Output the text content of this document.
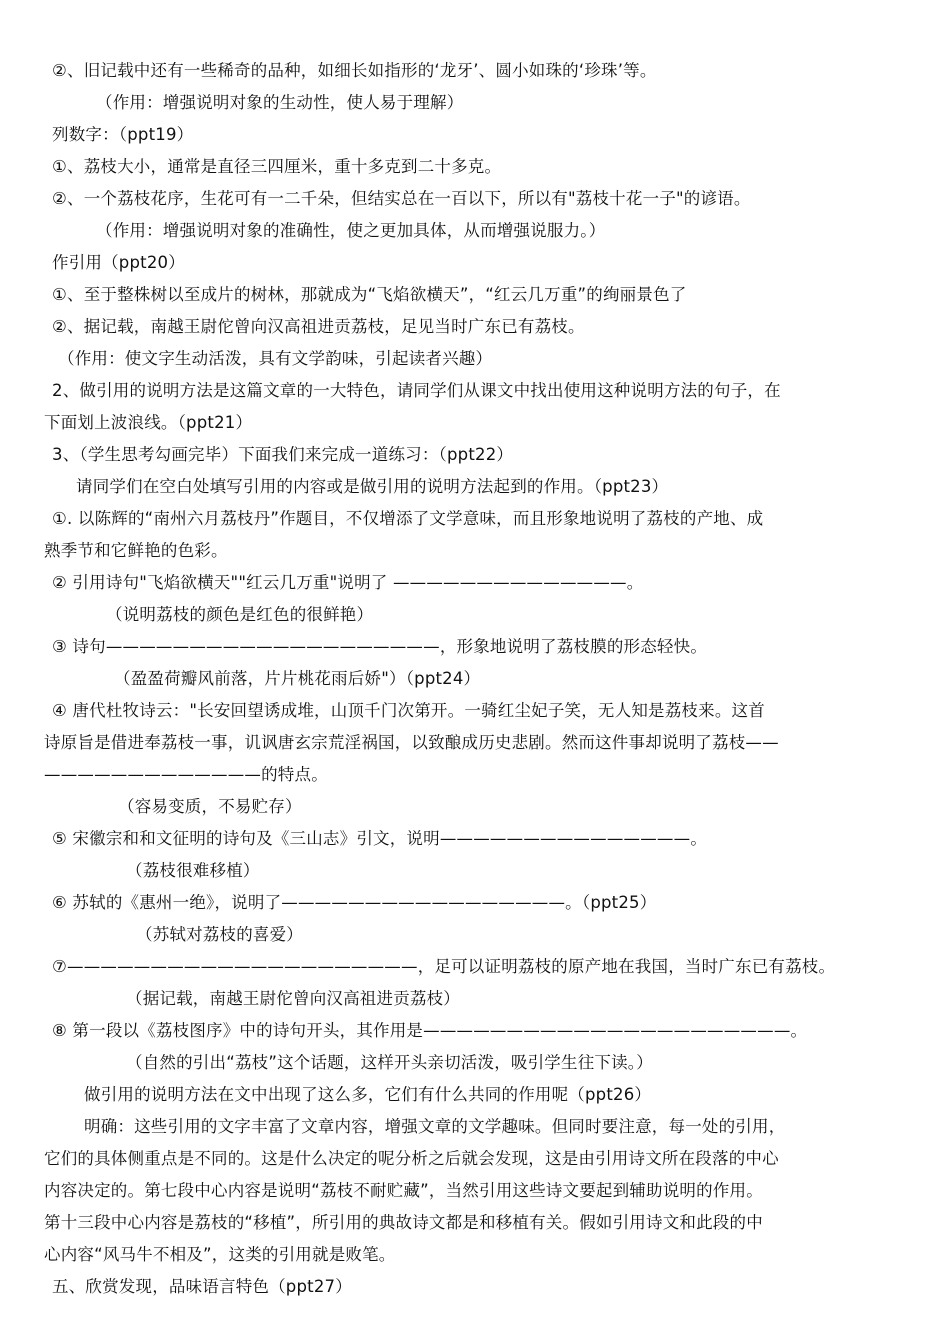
②、旧记载中还有一些稀奇的品种，如细长如指形的‘龙牙’、圆小如珠的‘珍珠’等。
（作用：增强说明对象的生动性，使人易于理解）
列数字：（ppt19）
①、荔枝大小，通常是直径三四厘米，重十多克到二十多克。
②、一个荔枝花序，生花可有一二千朵，但结实总在一百以下，所以有"荔枝十花一子"的谚语。
（作用：增强说明对象的准确性，使之更加具体，从而增强说服力。）
作引用（ppt20）
①、至于整株树以至成片的树林，那就成为“飞焰欲横天”，“红云几万重”的绚丽景色了
②、据记载，南越王尉佗曾向汉高祖进贡荔枝，足见当时广东已有荔枝。
（作用：使文字生动活泼，具有文学韵味，引起读者兴趣）
2、做引用的说明方法是这篇文章的一大特色，请同学们从课文中找出使用这种说明方法的句子，在
下面划上波浪线。（ppt21）
3、（学生思考勾画完毕）下面我们来完成一道练习：（ppt22）
请同学们在空白处填写引用的内容或是做引用的说明方法起到的作用。（ppt23）
①. 以陈辉的“南州六月荔枝丹”作题目，不仅增添了文学意味，而且形象地说明了荔枝的产地、成
熟季节和它鲜艳的色彩。
② 引用诗句"飞焰欲横天""红云几万重"说明了 ——————————————。
（说明荔枝的颜色是红色的很鲜艳）
③ 诗句————————————————————，形象地说明了荔枝膜的形态轻快。
（盈盈荷瓣风前落，片片桃花雨后娇"）（ppt24）
④ 唐代杜牧诗云："长安回望诱成堆，山顶千门次第开。一骑红尘妃子笑，无人知是荔枝来。这首
诗原旨是借进奉荔枝一事，讥讽唐玄宗荒淫祸国，以致酿成历史悲剧。然而这件事却说明了荔枝——
—————————————的特点。
（容易变质，不易贮存）
⑤ 宋徽宗和和文征明的诗句及《三山志》引文，说明———————————————。
（荔枝很难移植）
⑥ 苏轼的《惠州一绝》，说明了—————————————————。（ppt25）
（苏轼对荔枝的喜爱）
⑦—————————————————————，足可以证明荔枝的原产地在我国，当时广东已有荔枝。
（据记载，南越王尉佗曾向汉高祖进贡荔枝）
⑧ 第一段以《荔枝图序》中的诗句开头，其作用是——————————————————————。
（自然的引出“荔枝”这个话题，这样开头亲切活泼，吸引学生往下读。）
做引用的说明方法在文中出现了这么多，它们有什么共同的作用呢（ppt26）
明确：这些引用的文字丰富了文章内容，增强文章的文学趣味。但同时要注意，每一处的引用，
它们的具体侧重点是不同的。这是什么决定的呢分析之后就会发现，这是由引用诗文所在段落的中心
内容决定的。第七段中心内容是说明“荔枝不耐贮藏”，当然引用这些诗文要起到辅助说明的作用。
第十三段中心内容是荔枝的“移植”，所引用的典故诗文都是和移植有关。假如引用诗文和此段的中
心内容“风马牛不相及”，这类的引用就是败笔。
五、欣赏发现，品味语言特色（ppt27）
